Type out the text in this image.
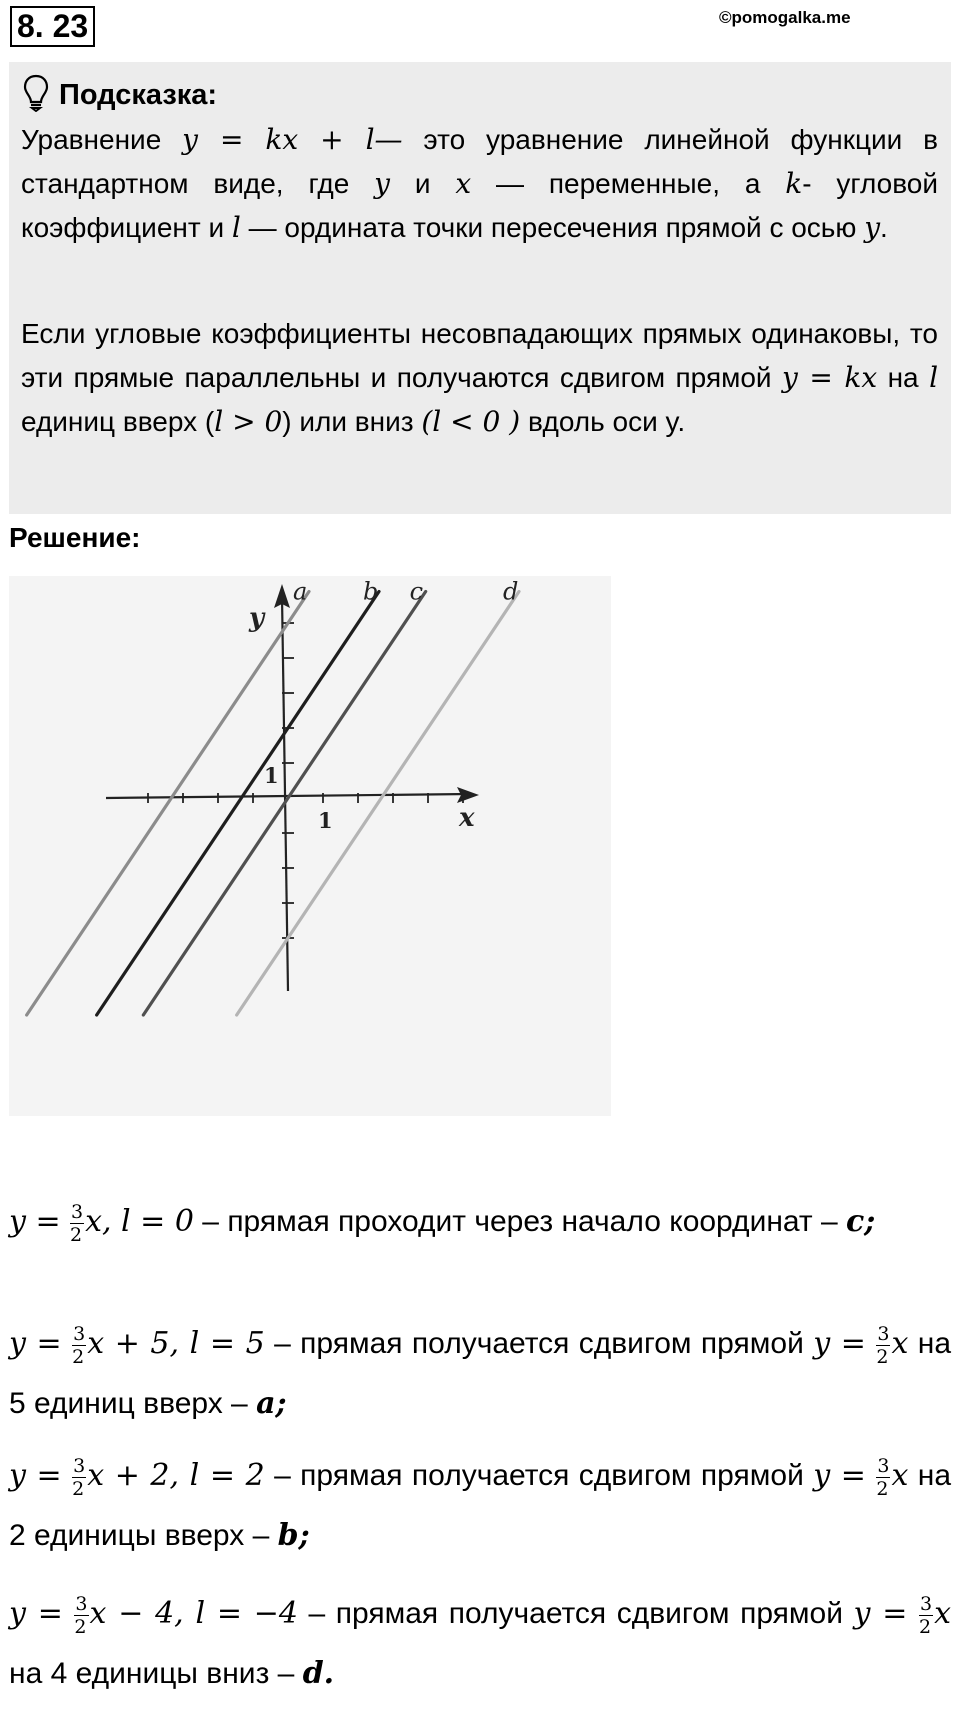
8. 23	©pomogalka.me
Подсказка:
Уравнение y = kx + l— это уравнение линейной функции в стандартном виде, где y и x — переменные, а k- угловой коэффициент и l — ордината точки пересечения прямой с осью y.
Если угловые коэффициенты несовпадающих прямых одинаковы, то эти прямые параллельны и получаются сдвигом прямой y = kx на l единиц вверх (l > 0) или вниз (l < 0 ) вдоль оси y.
Решение:
a b c	d
x
y
1
1
$y = \frac{3}{2} x$, l = 0 – прямая проходит через начало координат – c;
$y = \frac{3}{2}$ x + 5, l = 5 – прямая получается сдвигом прямой $y = \frac{3}{2}$ x на 5 единиц вверх – a;
$y = \frac{3}{2}$ x + 2, l = 2 – прямая получается сдвигом прямой $y = \frac{3}{2}$ x на 2 единицы вверх – b;
$y = \frac{3}{2}$ x − 4, l = −4 – прямая получается сдвигом прямой $y = \frac{3}{2}$ x на 4 единицы вниз – d.
